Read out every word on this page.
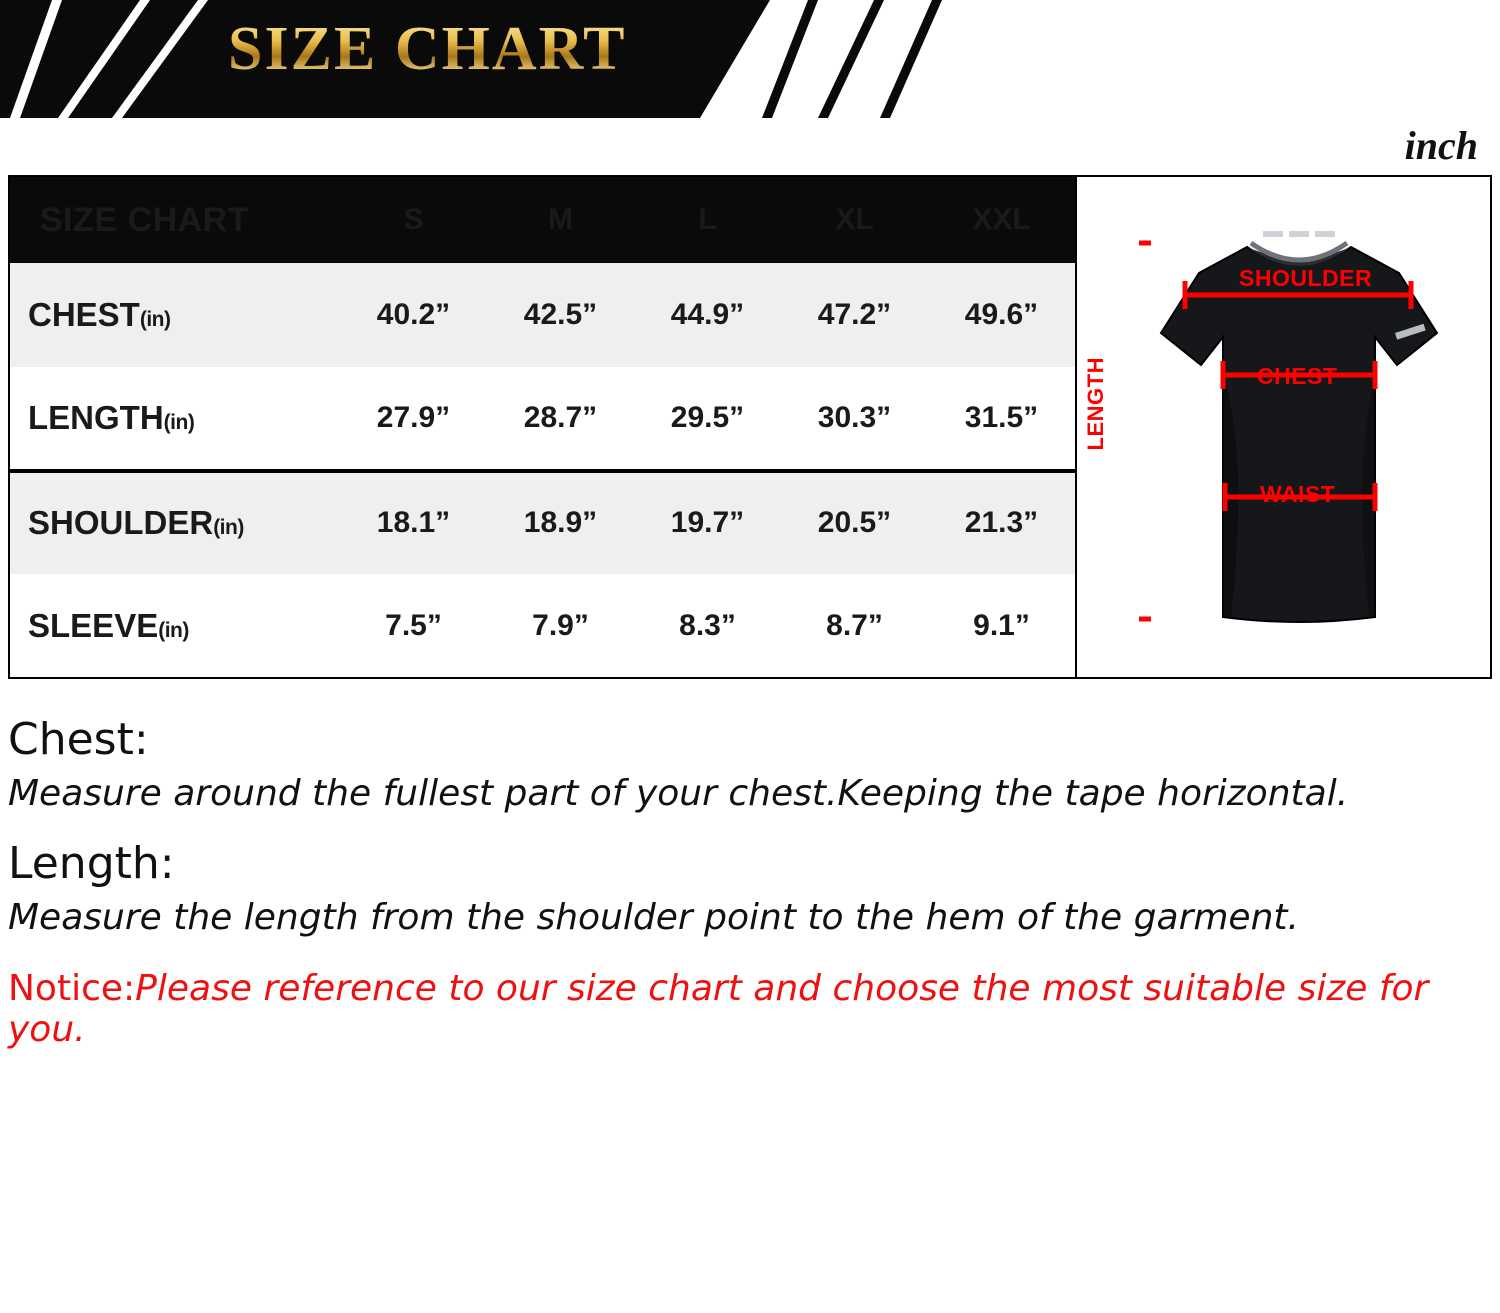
SIZE CHART
inch
SIZE CHART	S	M	L	XL	XXL
CHEST(in)	40.2”	42.5”	44.9”	47.2”	49.6”
LENGTH(in)	27.9”	28.7”	29.5”	30.3”	31.5”
SHOULDER(in)	18.1”	18.9”	19.7”	20.5”	21.3”
SLEEVE(in)	7.5”	7.9”	8.3”	8.7”	9.1”
SHOULDER
CHEST
WAIST
LENGTH
Chest:
Measure around the fullest part of your chest.Keeping the tape horizontal.
Length:
Measure the length from the shoulder point to the hem of the garment.
Notice:Please reference to our size chart and choose the most suitable size for you.
